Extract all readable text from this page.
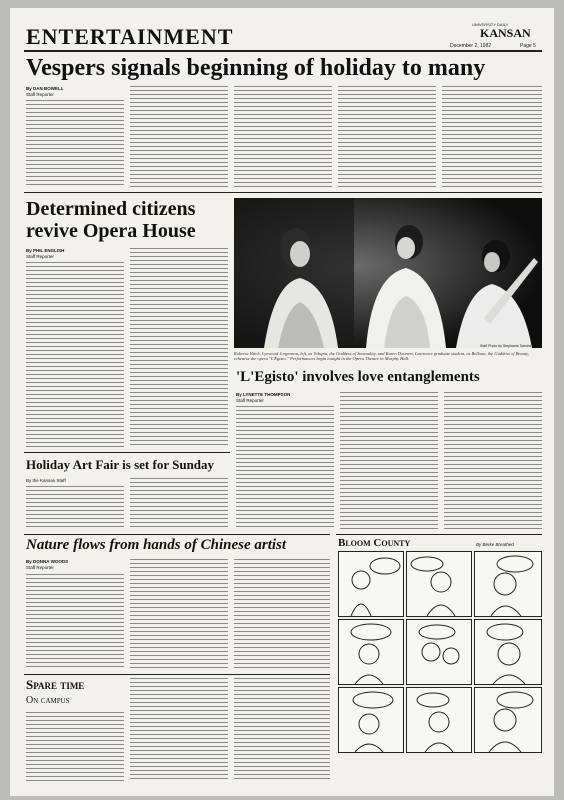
ENTERTAINMENT	UNIVERSITY DAILY
KANSAN
December 2, 1982	Page 5
Vespers signals beginning of holiday to many
By DAN BOWELL
Staff Reporter
Determined citizens revive Opera House
By PHIL ENGLISH
Staff Reporter
Roberta Hitch, Lynwood Jorgenson, left, as Volupia, the Goddess of Sensuality, and Karen Dounert, Lawrence graduate student, as Bellona, the Goddess of Beauty, rehearse the opera "L'Egisto." Performances begin tonight in the Opera Theatre in Murphy Hall.
Staff Photo by Stephanie Sandra
'L'Egisto' involves love entanglements
By LYNETTE THOMPSON
Staff Reporter
Holiday Art Fair is set for Sunday
By the Kansan Staff
Nature flows from hands of Chinese artist
By DONNA WOODS
Staff Reporter
Bloom County	By Berke Breathed
Spare time
On campus
